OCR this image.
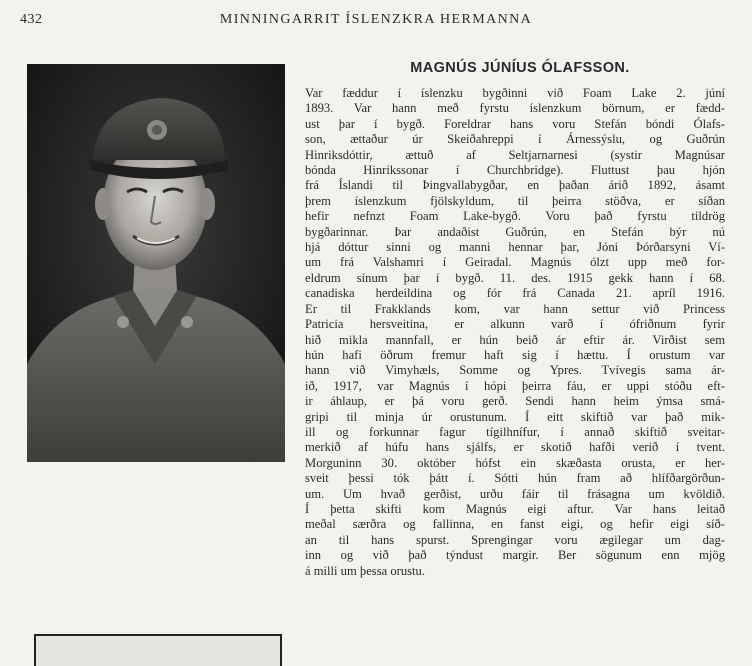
432	MINNINGARRIT ÍSLENZKRA HERMANNA
MAGNÚS JÚNÍUS ÓLAFSSON.

Var fæddur í íslenzku bygðinni við Foam Lake 2. júní
1893. Var hann með fyrstu íslenzkum börnum, er fædd-
ust þar í bygð. Foreldrar hans voru Stefán bóndi Ólafs-
son, ættaður úr Skeiðahreppi í Árnessýslu, og Guðrún
Hinriksdóttir, ættuð af Seltjarnarnesi (systir Magnúsar
bónda Hinrikssonar í Churchbridge). Fluttust þau hjón
frá Íslandi til Þingvallabygðar, en þaðan árið 1892, ásamt
þrem íslenzkum fjölskyldum, til þeirra stöðva, er síðan
hefir nefnzt Foam Lake-bygð. Voru það fyrstu tildrög
bygðarinnar. Þar andaðist Guðrún, en Stefán býr nú
hjá dóttur sinni og manni hennar þar, Jóni Þórðarsyni Ví-
um frá Valshamri í Geiradal. Magnús ólzt upp með for-
eldrum sínum þar í bygð. 11. des. 1915 gekk hann í 68.
canadiska herdeildina og fór frá Canada 21. apríl 1916.
Er til Frakklands kom, var hann settur við Princess
Patricia hersveitina, er alkunn varð í ófriðnum fyrir
hið mikla mannfall, er hún beið ár eftir ár. Virðist sem
hún hafi öðrum fremur haft sig í hættu. Í orustum var
hann við Vimyhæls, Somme og Ypres. Tvívegis sama ár-
ið, 1917, var Magnús í hópi þeirra fáu, er uppi stóðu eft-
ir áhlaup, er þá voru gerð. Sendi hann heim ýmsa smá-
gripi til minja úr orustunum. Í eitt skiftið var það mik-
ill og forkunnar fagur tígilhnífur, í annað skiftið sveitar-
merkið af húfu hans sjálfs, er skotið hafði verið í tvent.
Morguninn 30. október hófst ein skæðasta orusta, er her-
sveit þessi tók þátt í. Sótti hún fram að hlífðargörðun-
um. Um hvað gerðist, urðu fáir til frásagna um kvöldið.
Í þetta skifti kom Magnús eigi aftur. Var hans leitað
meðal særðra og fallinna, en fanst eigi, og hefir eigi síð-
an til hans spurst. Sprengingar voru ægilegar um dag-
inn og við það týndust margir. Ber sögunum enn mjög
á milli um þessa orustu.
